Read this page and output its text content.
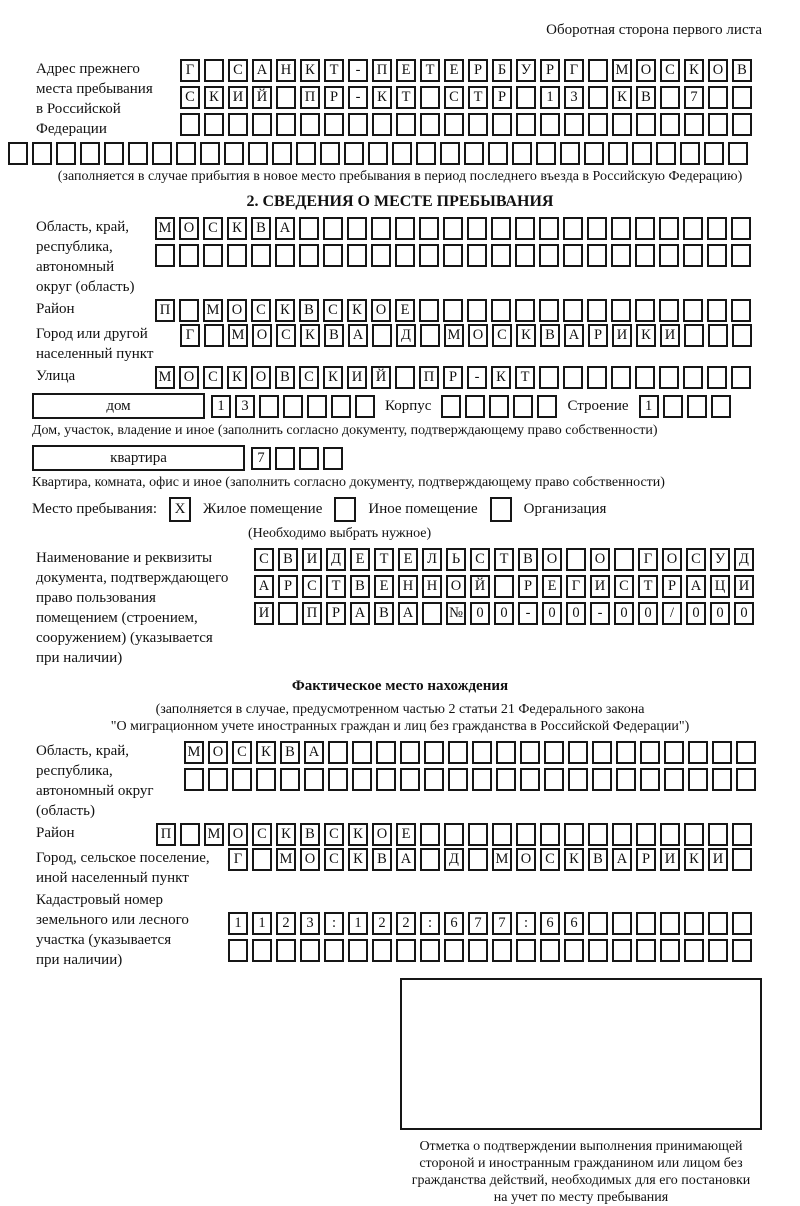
Оборотная сторона первого листа
Адрес прежнего
места пребывания
в Российской
Федерации
Г	С А Н К	Т	-	П Е	Т	Е	Р	Б	У	Р	Г	М О С К О В
С К И Й	П	Р	-	К	Т	С	Т	Р	1	3	К В	7
(заполняется в случае прибытия в новое место пребывания в период последнего въезда в Российскую Федерацию)
2. СВЕДЕНИЯ О МЕСТЕ ПРЕБЫВАНИЯ
Область, край,
республика,
автономный
округ (область)
М О С К В А
Район	П	М О С К В С К О Е
Город или другой
населенный пункт
Г	М О С К В А	Д	М О С К В А	Р	И К И
Улица	М О С К О В С К И Й	П	Р	-	К	Т
дом	1	3	Корпус	Строение	1
Дом, участок, владение и иное (заполнить согласно документу, подтверждающему право собственности)
квартира	7
Квартира, комната, офис и иное (заполнить согласно документу, подтверждающему право собственности)
Место пребывания:	X	Жилое помещение	Иное помещение	Организация
(Необходимо выбрать нужное)
Наименование и реквизиты
документа, подтверждающего
право пользования
помещением (строением,
сооружением) (указывается
при наличии)
С В И Д	Е	Т	Е	Л	Ь	С	Т	В О	О	Г	О С У Д
А	Р	С	Т	В	Е Н Н О Й	Р	Е	Г	И С	Т	Р	А Ц И
И	П	Р	А В А	№ 0	0	-	0	0	-	0	0	/	0	0	0
Фактическое место нахождения
(заполняется в случае, предусмотренном частью 2 статьи 21 Федерального закона
"О миграционном учете иностранных граждан и лиц без гражданства в Российской Федерации")
Область, край,
республика,
автономный округ
(область)
М О С К В А
Район	П	М О С К В С К О Е
Город, сельское поселение,
иной населенный пункт
Г	М О С К В А	Д	М О С К В А	Р	И К И
Кадастровый номер
земельного или лесного
участка (указывается
при наличии)
1	1	2	3	:	1	2	2	:	6	7	7	:	6	6
Отметка о подтверждении выполнения принимающей
стороной и иностранным гражданином или лицом без
гражданства действий, необходимых для его постановки
на учет по месту пребывания
